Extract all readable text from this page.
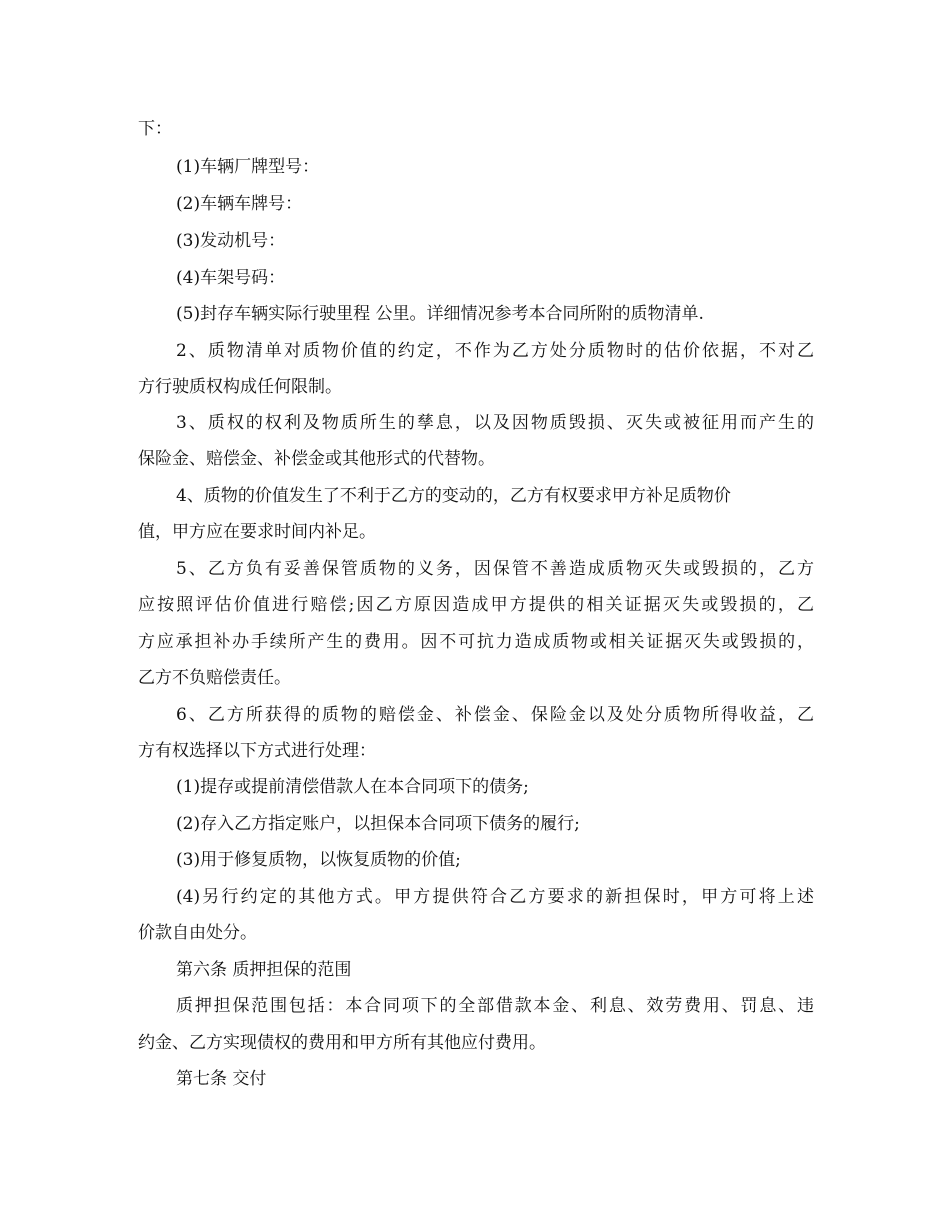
下：
(1)车辆厂牌型号：
(2)车辆车牌号：
(3)发动机号：
(4)车架号码：
(5)封存车辆实际行驶里程 公里。详细情况参考本合同所附的质物清单.
2、质物清单对质物价值的约定，不作为乙方处分质物时的估价依据，不对乙
方行驶质权构成任何限制。
3、质权的权利及物质所生的孳息，以及因物质毁损、灭失或被征用而产生的
保险金、赔偿金、补偿金或其他形式的代替物。
4、质物的价值发生了不利于乙方的变动的，乙方有权要求甲方补足质物价
值，甲方应在要求时间内补足。
5、乙方负有妥善保管质物的义务，因保管不善造成质物灭失或毁损的，乙方
应按照评估价值进行赔偿;因乙方原因造成甲方提供的相关证据灭失或毁损的，乙
方应承担补办手续所产生的费用。因不可抗力造成质物或相关证据灭失或毁损的，
乙方不负赔偿责任。
6、乙方所获得的质物的赔偿金、补偿金、保险金以及处分质物所得收益，乙
方有权选择以下方式进行处理：
(1)提存或提前清偿借款人在本合同项下的债务;
(2)存入乙方指定账户，以担保本合同项下债务的履行;
(3)用于修复质物，以恢复质物的价值;
(4)另行约定的其他方式。甲方提供符合乙方要求的新担保时，甲方可将上述
价款自由处分。
第六条 质押担保的范围
质押担保范围包括：本合同项下的全部借款本金、利息、效劳费用、罚息、违
约金、乙方实现债权的费用和甲方所有其他应付费用。
第七条 交付
